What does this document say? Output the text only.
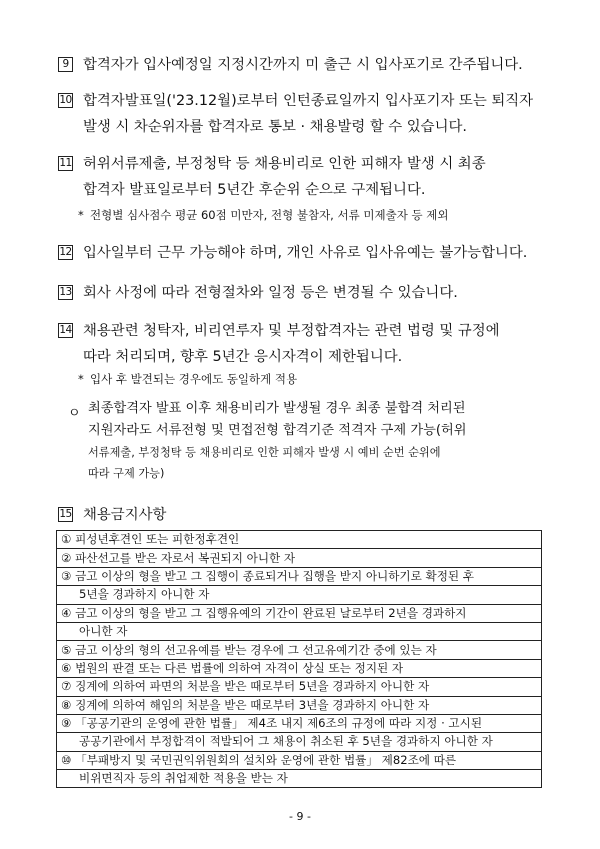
9	합격자가 입사예정일 지정시간까지 미 출근 시 입사포기로 간주됩니다.
10 합격자발표일('23.12월)로부터 인턴종료일까지 입사포기자 또는 퇴직자
발생 시 차순위자를 합격자로 통보 · 채용발령 할 수 있습니다.
11 허위서류제출, 부정청탁 등 채용비리로 인한 피해자 발생 시 최종
합격자 발표일로부터 5년간 후순위 순으로 구제됩니다.
* 전형별 심사점수 평균 60점 미만자, 전형 불참자, 서류 미제출자 등 제외
12 입사일부터 근무 가능해야 하며, 개인 사유로 입사유예는 불가능합니다.
13 회사 사정에 따라 전형절차와 일정 등은 변경될 수 있습니다.
14 채용관련 청탁자, 비리연루자 및 부정합격자는 관련 법령 및 규정에
따라 처리되며, 향후 5년간 응시자격이 제한됩니다.
* 입사 후 발견되는 경우에도 동일하게 적용
ㅇ 최종합격자 발표 이후 채용비리가 발생될 경우 최종 불합격 처리된
지원자라도 서류전형 및 면접전형 합격기준 적격자 구제 가능(허위
서류제출, 부정청탁 등 채용비리로 인한 피해자 발생 시 예비 순번 순위에
따라 구제 가능)
15 채용금지사항
① 피성년후견인 또는 피한정후견인
② 파산선고를 받은 자로서 복권되지 아니한 자
③ 금고 이상의 형을 받고 그 집행이 종료되거나 집행을 받지 아니하기로 확정된 후
5년을 경과하지 아니한 자
④ 금고 이상의 형을 받고 그 집행유예의 기간이 완료된 날로부터 2년을 경과하지
아니한 자
⑤ 금고 이상의 형의 선고유예를 받는 경우에 그 선고유예기간 중에 있는 자
⑥ 법원의 판결 또는 다른 법률에 의하여 자격이 상실 또는 정지된 자
⑦ 징계에 의하여 파면의 처분을 받은 때로부터 5년을 경과하지 아니한 자
⑧ 징계에 의하여 해임의 처분을 받은 때로부터 3년을 경과하지 아니한 자
⑨ 「공공기관의 운영에 관한 법률」 제4조 내지 제6조의 규정에 따라 지정 · 고시된
공공기관에서 부정합격이 적발되어 그 채용이 취소된 후 5년을 경과하지 아니한 자
⑩ 「부패방지 및 국민권익위원회의 설치와 운영에 관한 법률」 제82조에 따른
비위면직자 등의 취업제한 적용을 받는 자
- 9 -
